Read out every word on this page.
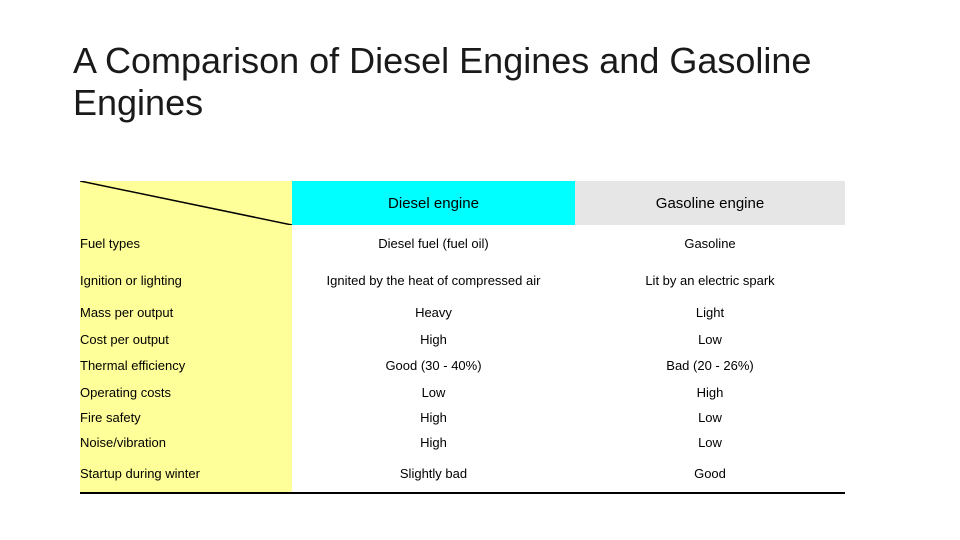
A Comparison of Diesel Engines and Gasoline Engines
	Diesel engine	Gasoline engine
Fuel types	Diesel fuel (fuel oil)	Gasoline
Ignition or lighting	Ignited by the heat of compressed air	Lit by an electric spark
Mass per output	Heavy	Light
Cost per output	High	Low
Thermal efficiency	Good (30 - 40%)	Bad (20 - 26%)
Operating costs	Low	High
Fire safety	High	Low
Noise/vibration	High	Low
Startup during winter	Slightly bad	Good
